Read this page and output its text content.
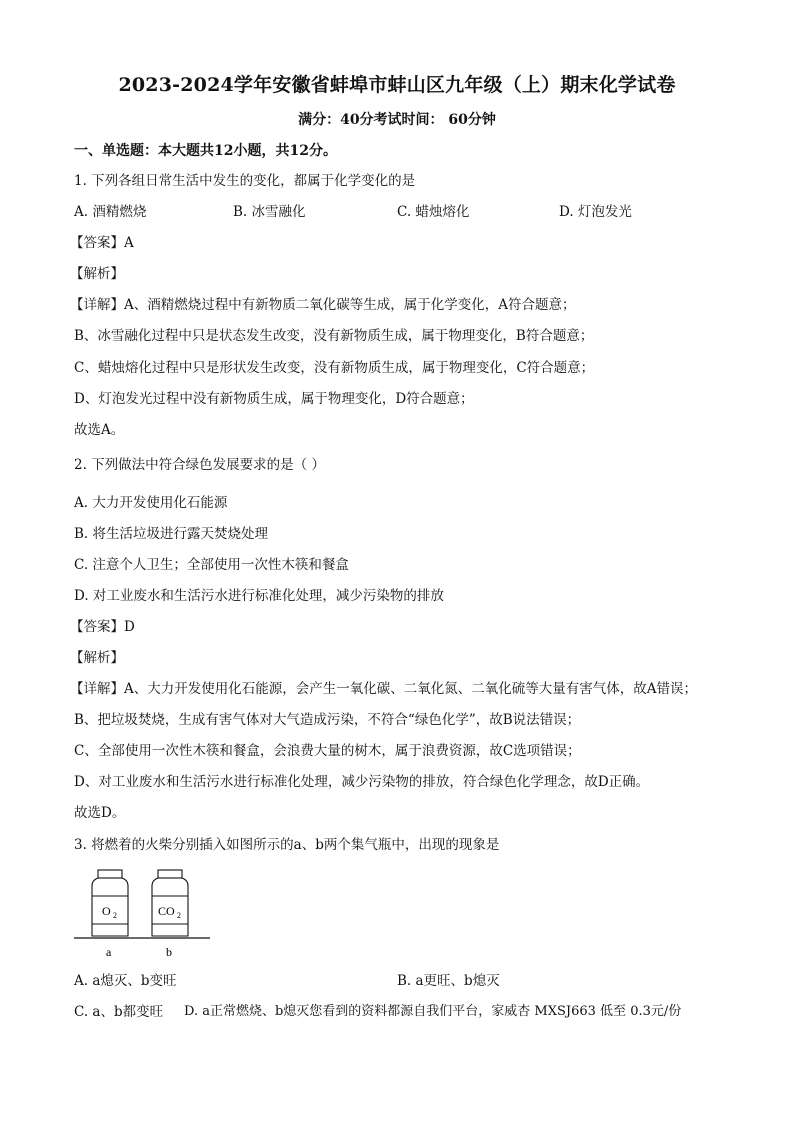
2023-2024学年安徽省蚌埠市蚌山区九年级（上）期末化学试卷
满分：40分考试时间： 60分钟
一、单选题：本大题共12小题，共12分。
1. 下列各组日常生活中发生的变化，都属于化学变化的是
A. 酒精燃烧	B. 冰雪融化	C. 蜡烛熔化	D. 灯泡发光
【答案】A
【解析】
【详解】A、酒精燃烧过程中有新物质二氧化碳等生成，属于化学变化，A符合题意；
B、冰雪融化过程中只是状态发生改变，没有新物质生成，属于物理变化，B符合题意；
C、蜡烛熔化过程中只是形状发生改变，没有新物质生成，属于物理变化，C符合题意；
D、灯泡发光过程中没有新物质生成，属于物理变化，D符合题意；
故选A。
2. 下列做法中符合绿色发展要求的是（ ）
A. 大力开发使用化石能源
B. 将生活垃圾进行露天焚烧处理
C. 注意个人卫生；全部使用一次性木筷和餐盒
D. 对工业废水和生活污水进行标准化处理，减少污染物的排放
【答案】D
【解析】
【详解】A、大力开发使用化石能源，会产生一氧化碳、二氧化氮、二氧化硫等大量有害气体，故A错误；
B、把垃圾焚烧，生成有害气体对大气造成污染，不符合“绿色化学”，故B说法错误；
C、全部使用一次性木筷和餐盒，会浪费大量的树木，属于浪费资源，故C选项错误；
D、对工业废水和生活污水进行标准化处理，减少污染物的排放，符合绿色化学理念，故D正确。
故选D。
3. 将燃着的火柴分别插入如图所示的a、b两个集气瓶中，出现的现象是
O 2
a
CO 2
b
A. a熄灭、b变旺	B. a更旺、b熄灭
C. a、b都变旺 D. a正常燃烧、b熄灭您看到的资料都源自我们平台，家威杏 MXSJ663 低至 0.3元/份
